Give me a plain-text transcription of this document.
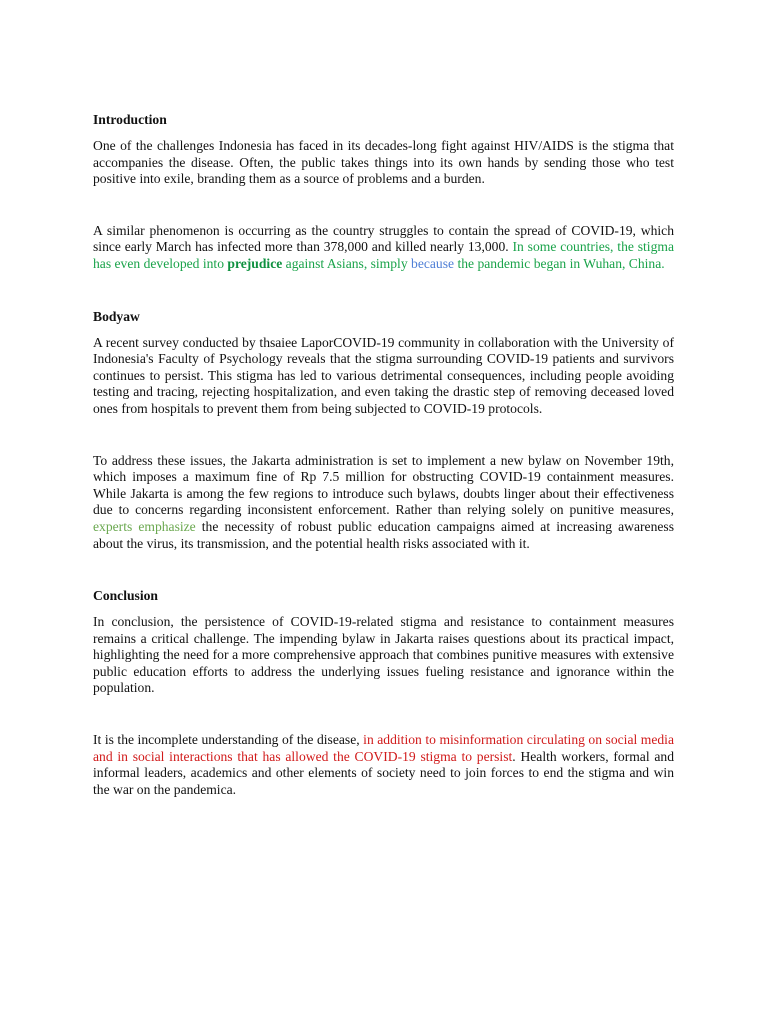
Introduction

One of the challenges Indonesia has faced in its decades-long fight against HIV/AIDS is the stigma that accompanies the disease. Often, the public takes things into its own hands by sending those who test positive into exile, branding them as a source of problems and a burden.

A similar phenomenon is occurring as the country struggles to contain the spread of COVID-19, which since early March has infected more than 378,000 and killed nearly 13,000. In some countries, the stigma has even developed into prejudice against Asians, simply because the pandemic began in Wuhan, China.

Bodyaw

A recent survey conducted by thsaiee LaporCOVID-19 community in collaboration with the University of Indonesia's Faculty of Psychology reveals that the stigma surrounding COVID-19 patients and survivors continues to persist. This stigma has led to various detrimental consequences, including people avoiding testing and tracing, rejecting hospitalization, and even taking the drastic step of removing deceased loved ones from hospitals to prevent them from being subjected to COVID-19 protocols.

To address these issues, the Jakarta administration is set to implement a new bylaw on November 19th, which imposes a maximum fine of Rp 7.5 million for obstructing COVID-19 containment measures. While Jakarta is among the few regions to introduce such bylaws, doubts linger about their effectiveness due to concerns regarding inconsistent enforcement. Rather than relying solely on punitive measures, experts emphasize the necessity of robust public education campaigns aimed at increasing awareness about the virus, its transmission, and the potential health risks associated with it.

Conclusion

In conclusion, the persistence of COVID-19-related stigma and resistance to containment measures remains a critical challenge. The impending bylaw in Jakarta raises questions about its practical impact, highlighting the need for a more comprehensive approach that combines punitive measures with extensive public education efforts to address the underlying issues fueling resistance and ignorance within the population.

It is the incomplete understanding of the disease, in addition to misinformation circulating on social media and in social interactions that has allowed the COVID-19 stigma to persist. Health workers, formal and informal leaders, academics and other elements of society need to join forces to end the stigma and win the war on the pandemica.
